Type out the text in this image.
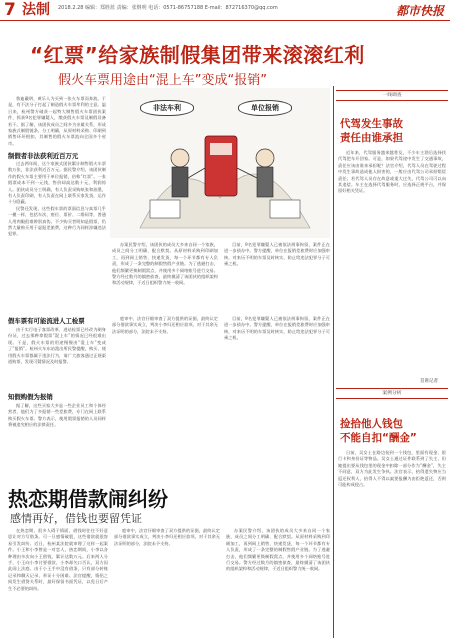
7 法制 2018.2.28 编辑：郑胜蓝 责编：张继明 电话：0571-86757188 E-mail：872716370@qq.com	都市快报
“红票”给家族制假集团带来滚滚红利
假火车票用途由“混上车”变成“报销”

鲁迪戴明、黄乐人为买到一张火车票而奔波。于是，有不法分子打起了制造假火车票牟利的主意。温日来，杭州警方破获一起特大制售假火车票团伙案件，抓获9名犯罪嫌疑人，缴获假火车票及制假设备若干。据了解，该团伙成员之间多为亲属关系，形成家族式制假链条，分工明确，从原材料采购、印刷到销售环环相扣，其制售的假火车票流向全国多个省市。

制假者非法获利近百万元

过去两年间，这个家族式团伙累计制售假火车票数万张，非法获利近百万元。据民警介绍，该团伙制作的假火车票主要用于单位报销，俗称“红票”。一张假票成本不到一元钱，售价却高达数十元，利润惊人。团伙成员分工明确，有人负责采购纸张和油墨，有人负责印刷，有人负责在网上联系买家发货，运作十分隐蔽。

民警还发现，这些假车票的票面信息与真票几乎一模一样，包括车次、座位、票价、二维码等，普通人用肉眼很难辨别真伪。不少购买者明知是假票，仍然大量购买用于虚报差旅费，这种行为同样涉嫌违法犯罪。

非法车利	单位报销

办案民警介绍，该团伙的成员大多来自同一个家族，成员之间分工明确、配合默契。从原材料采购到印刷加工，再到网上销售、快递发货，每一个环节都有专人负责，形成了一条完整的制假售假产业链。为了逃避打击，他们频繁更换制假窝点，并使用多个网络账号进行交易。警方经过数月的缜密侦查，最终摸清了该团伙的组织架构和活动规律，于近日组织警力统一收网。

目前，9名犯罪嫌疑人已被依法刑事拘留，案件正在进一步侦办中。警方提醒，单位在报销差旅费时应加强审核，对来历不明的车票及时核实，防止给违法犯罪分子可乘之机。

假车票有可能流进人工检票

由于实行电子客票改革，进站检票已经改为刷身份证，过去那种拿假票“混上车”的情况已经很难出现。于是，假火车票的用途慢慢由“混上车”变成了“报销”。杭州火车东站派出所民警提醒，购买、使用假火车票都属于违法行为，请广大旅客通过正规渠道购票，发现可疑情况及时报警。

知假购假为报销

据了解，这些买家大多是一些企业员工和个体经营者，他们为了多报销一些差旅费，专门在网上联系购买假火车票。警方表示，使用假票报销的人员同样将被追究相应的法律责任。

庭审中，法官仔细审查了双方提供的证据，最终认定部分借款事实成立，判决小李归还相应款项。对于其余无法证明的部分，法院未予支持。

目前，9名犯罪嫌疑人已被依法刑事拘留，案件正在进一步侦办中。警方提醒，单位在报销差旅费时应加强审核，对来历不明的车票及时核实，防止给违法犯罪分子可乘之机。

热恋期借款闹纠纷
感情再好，借钱也要留凭证

在热恋期，很多人碍于情面，借钱时往往不好意思让对方写借条。可一旦感情破裂，这些借款就很容易引发纠纷。近日，杭州某法院就审理了这样一起案件。小王和小李曾是一对恋人，热恋期间，小李以各种理由多次向小王借钱，累计达数万元。后来两人分手，小王向小李讨要借款，小李却矢口否认，双方因此闹上法庭。由于小王手中没有借条，只有部分转账记录和聊天记录，举证十分困难。法官提醒，情侣之间发生借贷关系时，最好保留书面凭证，以免日后产生不必要的纠纷。

庭审中，法官仔细审查了双方提供的证据，最终认定部分借款事实成立，判决小李归还相应款项。对于其余无法证明的部分，法院未予支持。

办案民警介绍，该团伙的成员大多来自同一个家族，成员之间分工明确、配合默契。从原材料采购到印刷加工，再到网上销售、快递发货，每一个环节都有专人负责，形成了一条完整的制假售假产业链。为了逃避打击，他们频繁更换制假窝点，并使用多个网络账号进行交易。警方经过数月的缜密侦查，最终摸清了该团伙的组织架构和活动规律，于近日组织警力统一收网。

一线调查
代驾发生事故
责任由谁承担

近年来，代驾服务越来越普及，不少车主酒后选择找代驾把车开回家。可是，如果代驾途中发生了交通事故，责任应该由谁来承担呢？法官介绍，代驾人员在驾驶过程中发生事故造成他人损害的，一般应由代驾公司承担赔偿责任；若代驾人员存在故意或重大过失，代驾公司可以向其追偿。车主在选择代驾服务时，应选择正规平台，并保留好相关凭证。

首席记者
案例分析
捡拾他人钱包
不能自扣“酬金”

日前，吴女士在路边捡到一个钱包，里面有现金、银行卡和身份证等物品。吴女士通过证件联系到了失主，但她提出要从钱包里的现金中扣除一部分作为“酬金”，失主不同意，双方为此发生争执。法官表示，拾得遗失物应当返还权利人，拾得人不得以索要报酬为由拒绝返还，否则可能构成侵占。
